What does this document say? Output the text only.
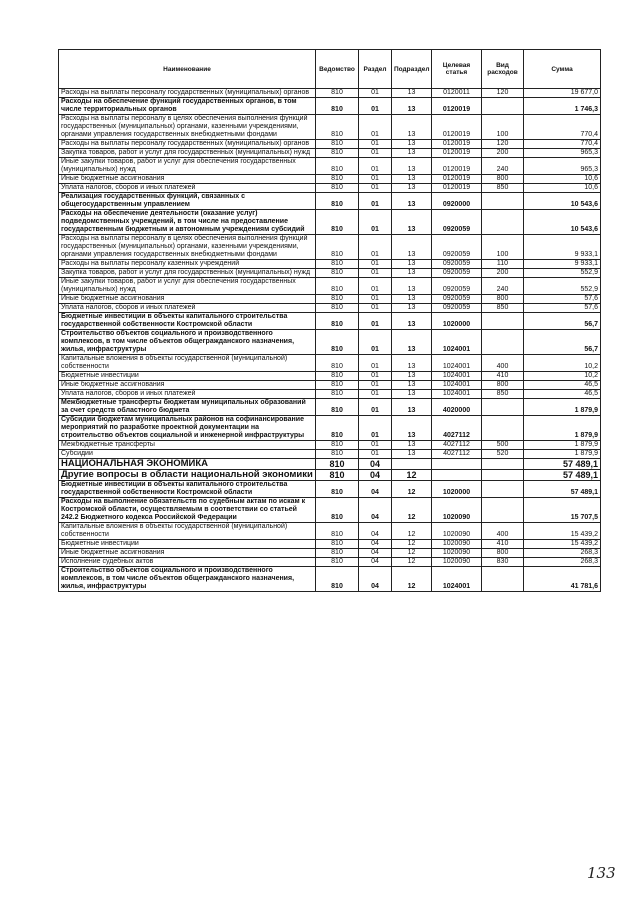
Наименование	Ведомство	Раздел	Подраздел	Целевая статья	Вид расходов	Сумма
Расходы на выплаты персоналу государственных (муниципальных) органов	810	01	13	0120011	120	19 677,0
Расходы на обеспечение функций государственных органов, в том числе территориальных органов	810	01	13	0120019		1 746,3
Расходы на выплаты персоналу в целях обеспечения выполнения функций государственных (муниципальных) органами, казенными учреждениями, органами управления государственных внебюджетными фондами	810	01	13	0120019	100	770,4
Расходы на выплаты персоналу государственных (муниципальных) органов	810	01	13	0120019	120	770,4
Закупка товаров, работ и услуг для государственных (муниципальных) нужд	810	01	13	0120019	200	965,3
Иные закупки товаров, работ и услуг для обеспечения государственных (муниципальных) нужд	810	01	13	0120019	240	965,3
Иные бюджетные ассигнования	810	01	13	0120019	800	10,6
Уплата налогов, сборов и иных платежей	810	01	13	0120019	850	10,6
Реализация государственных функций, связанных с общегосударственным управлением	810	01	13	0920000		10 543,6
Расходы на обеспечение деятельности (оказание услуг) подведомственных учреждений, в том числе на предоставление государственным бюджетным и автономным учреждениям субсидий	810	01	13	0920059		10 543,6
Расходы на выплаты персоналу в целях обеспечения выполнения функций государственных (муниципальных) органами, казенными учреждениями, органами управления государственных внебюджетными фондами	810	01	13	0920059	100	9 933,1
Расходы на выплаты персоналу казенных учреждений	810	01	13	0920059	110	9 933,1
Закупка товаров, работ и услуг для государственных (муниципальных) нужд	810	01	13	0920059	200	552,9
Иные закупки товаров, работ и услуг для обеспечения государственных (муниципальных) нужд	810	01	13	0920059	240	552,9
Иные бюджетные ассигнования	810	01	13	0920059	800	57,6
Уплата налогов, сборов и иных платежей	810	01	13	0920059	850	57,6
Бюджетные инвестиции в объекты капитального строительства государственной собственности Костромской области	810	01	13	1020000		56,7
Строительство объектов социального и производственного комплексов, в том числе объектов общегражданского назначения, жилья, инфраструктуры	810	01	13	1024001		56,7
Капитальные вложения в объекты государственной (муниципальной) собственности	810	01	13	1024001	400	10,2
Бюджетные инвестиции	810	01	13	1024001	410	10,2
Иные бюджетные ассигнования	810	01	13	1024001	800	46,5
Уплата налогов, сборов и иных платежей	810	01	13	1024001	850	46,5
Межбюджетные трансферты бюджетам муниципальных образований за счет средств областного бюджета	810	01	13	4020000		1 879,9
Субсидии бюджетам муниципальных районов на софинансирование мероприятий по разработке проектной документации на строительство объектов социальной и инженерной инфраструктуры	810	01	13	4027112		1 879,9
Межбюджетные трансферты	810	01	13	4027112	500	1 879,9
Субсидии	810	01	13	4027112	520	1 879,9
НАЦИОНАЛЬНАЯ ЭКОНОМИКА	810	04				57 489,1
Другие вопросы в области национальной экономики	810	04	12			57 489,1
Бюджетные инвестиции в объекты капитального строительства государственной собственности Костромской области	810	04	12	1020000		57 489,1
Расходы на выполнение обязательств по судебным актам по искам к Костромской области, осуществляемым в соответствии со статьей 242.2 Бюджетного кодекса Российской Федерации	810	04	12	1020090		15 707,5
Капитальные вложения в объекты государственной (муниципальной) собственности	810	04	12	1020090	400	15 439,2
Бюджетные инвестиции	810	04	12	1020090	410	15 439,2
Иные бюджетные ассигнования	810	04	12	1020090	800	268,3
Исполнение судебных актов	810	04	12	1020090	830	268,3
Строительство объектов социального и производственного комплексов, в том числе объектов общегражданского назначения, жилья, инфраструктуры	810	04	12	1024001		41 781,6
133
